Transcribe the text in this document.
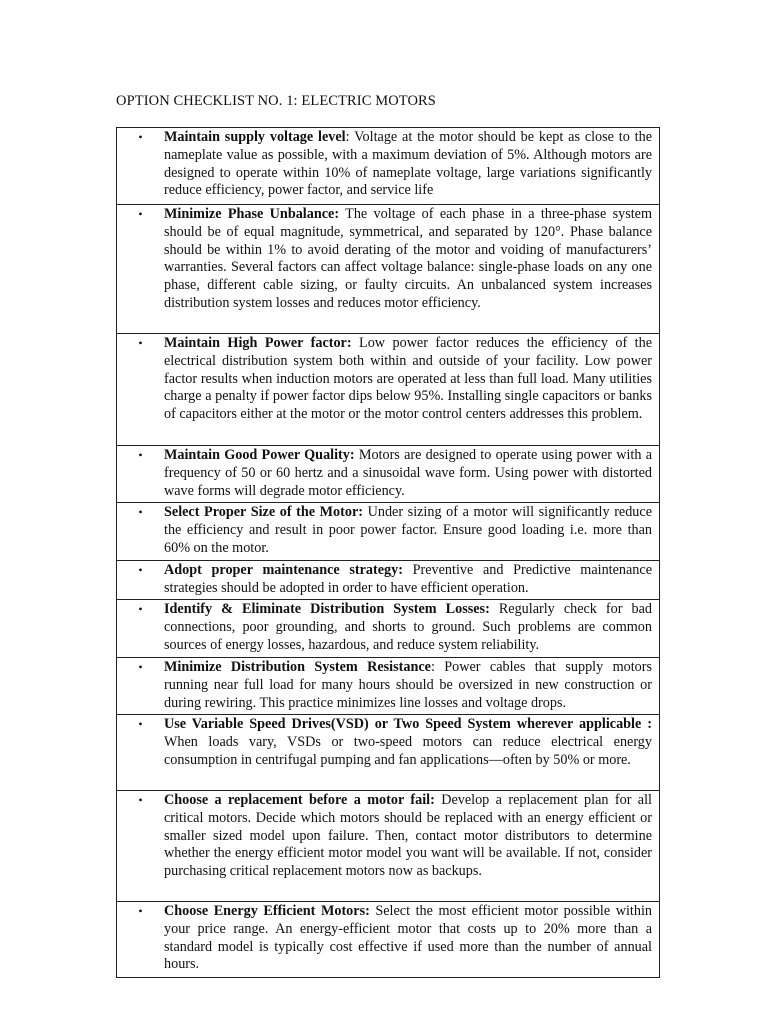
OPTION CHECKLIST NO. 1: ELECTRIC MOTORS
•	Maintain supply voltage level: Voltage at the motor should be kept as close to the nameplate value as possible, with a maximum deviation of 5%. Although motors are designed to operate within 10% of nameplate voltage, large variations significantly reduce efficiency, power factor, and service life
•	Minimize Phase Unbalance: The voltage of each phase in a three-phase system should be of equal magnitude, symmetrical, and separated by 120°. Phase balance should be within 1% to avoid derating of the motor and voiding of manufacturers’ warranties. Several factors can affect voltage balance: single-phase loads on any one phase, different cable sizing, or faulty circuits. An unbalanced system increases distribution system losses and reduces motor efficiency.
•	Maintain High Power factor: Low power factor reduces the efficiency of the electrical distribution system both within and outside of your facility. Low power factor results when induction motors are operated at less than full load. Many utilities charge a penalty if power factor dips below 95%. Installing single capacitors or banks of capacitors either at the motor or the motor control centers addresses this problem.
•	Maintain Good Power Quality: Motors are designed to operate using power with a frequency of 50 or 60 hertz and a sinusoidal wave form. Using power with distorted wave forms will degrade motor efficiency.
•	Select Proper Size of the Motor: Under sizing of a motor will significantly reduce the efficiency and result in poor power factor. Ensure good loading i.e. more than 60% on the motor.
•	Adopt proper maintenance strategy: Preventive and Predictive maintenance strategies should be adopted in order to have efficient operation.
•	Identify & Eliminate Distribution System Losses: Regularly check for bad connections, poor grounding, and shorts to ground. Such problems are common sources of energy losses, hazardous, and reduce system reliability.
•	Minimize Distribution System Resistance: Power cables that supply motors running near full load for many hours should be oversized in new construction or during rewiring. This practice minimizes line losses and voltage drops.
•	Use Variable Speed Drives(VSD) or Two Speed System wherever applicable : When loads vary, VSDs or two-speed motors can reduce electrical energy consumption in centrifugal pumping and fan applications—often by 50% or more.
•	Choose a replacement before a motor fail: Develop a replacement plan for all critical motors. Decide which motors should be replaced with an energy efficient or smaller sized model upon failure. Then, contact motor distributors to determine whether the energy efficient motor model you want will be available. If not, consider purchasing critical replacement motors now as backups.
•	Choose Energy Efficient Motors: Select the most efficient motor possible within your price range. An energy-efficient motor that costs up to 20% more than a standard model is typically cost effective if used more than the number of annual hours.
